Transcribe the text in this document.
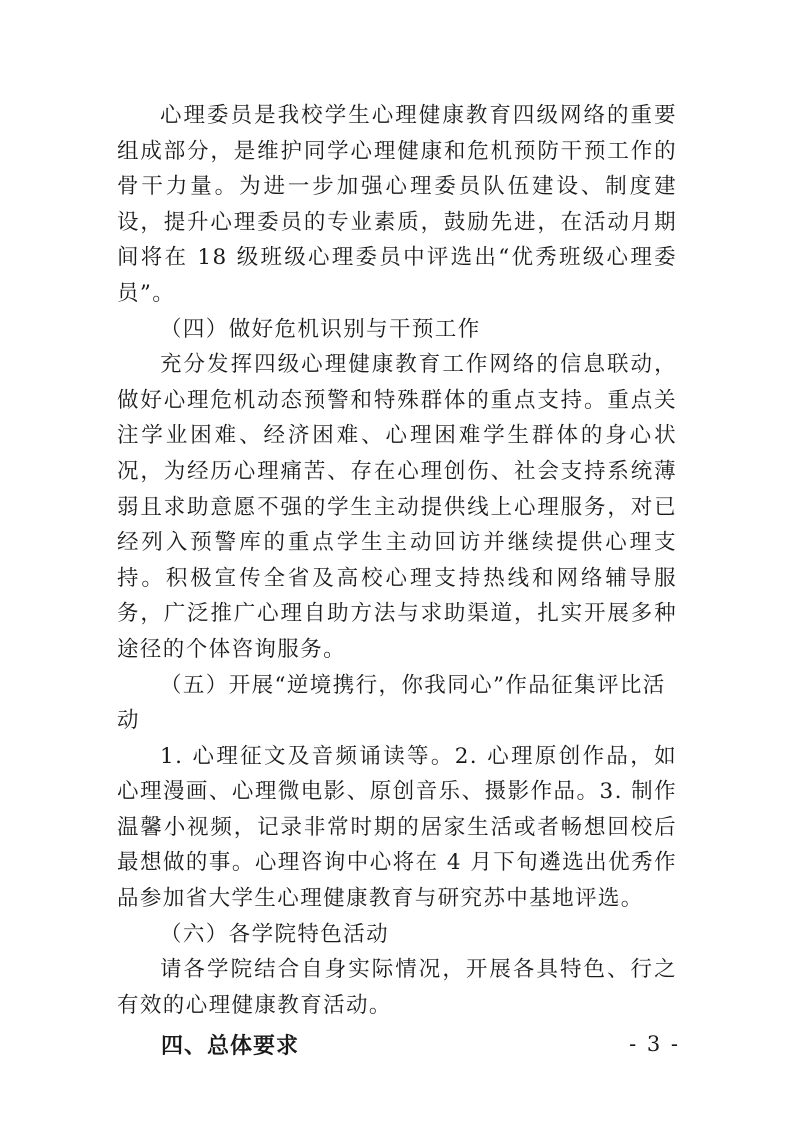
心理委员是我校学生心理健康教育四级网络的重要组成部分，是维护同学心理健康和危机预防干预工作的骨干力量。为进一步加强心理委员队伍建设、制度建设，提升心理委员的专业素质，鼓励先进，在活动月期间将在 18 级班级心理委员中评选出“优秀班级心理委员”。

（四）做好危机识别与干预工作

充分发挥四级心理健康教育工作网络的信息联动，做好心理危机动态预警和特殊群体的重点支持。重点关注学业困难、经济困难、心理困难学生群体的身心状况，为经历心理痛苦、存在心理创伤、社会支持系统薄弱且求助意愿不强的学生主动提供线上心理服务，对已经列入预警库的重点学生主动回访并继续提供心理支持。积极宣传全省及高校心理支持热线和网络辅导服务，广泛推广心理自助方法与求助渠道，扎实开展多种途径的个体咨询服务。

（五）开展“逆境携行，你我同心”作品征集评比活动

1. 心理征文及音频诵读等。2. 心理原创作品，如心理漫画、心理微电影、原创音乐、摄影作品。3. 制作温馨小视频，记录非常时期的居家生活或者畅想回校后最想做的事。心理咨询中心将在 4 月下旬遴选出优秀作品参加省大学生心理健康教育与研究苏中基地评选。

（六）各学院特色活动

请各学院结合自身实际情况，开展各具特色、行之有效的心理健康教育活动。

四、总体要求	- 3 -
